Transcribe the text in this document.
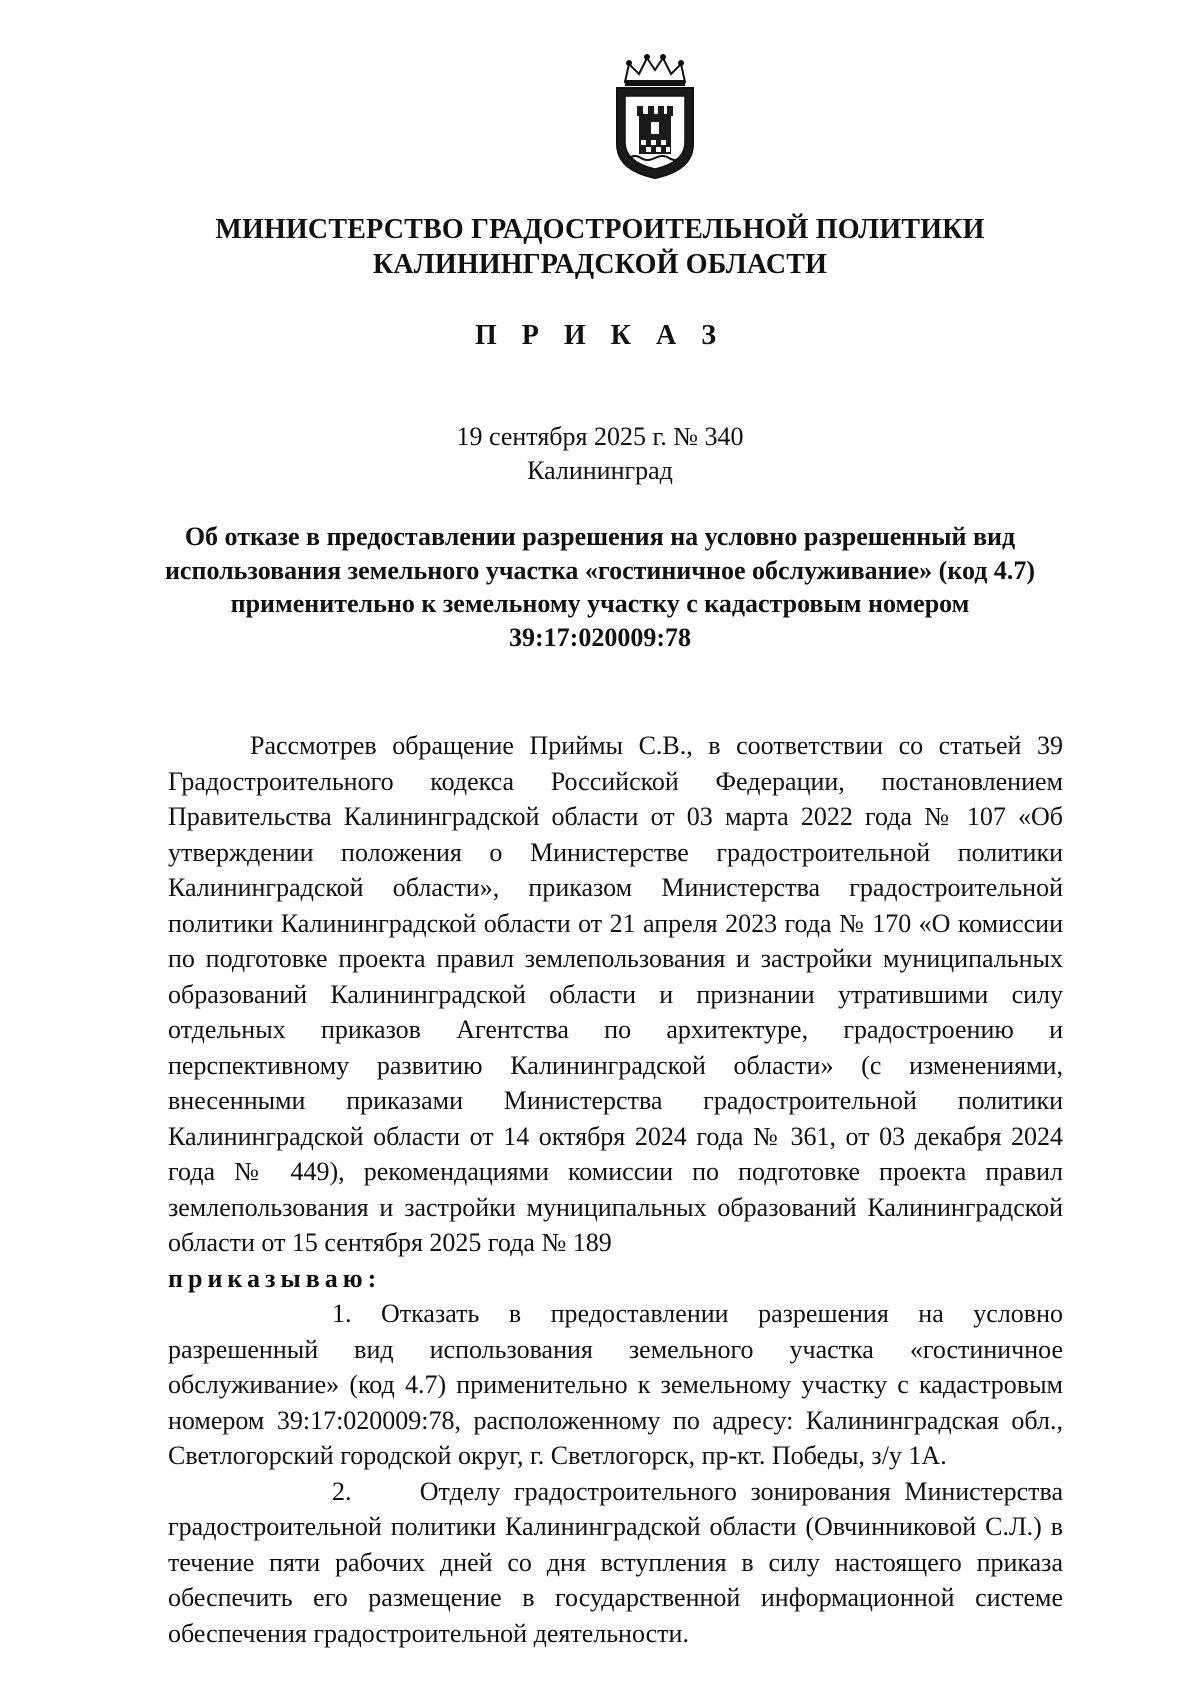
МИНИСТЕРСТВО ГРАДОСТРОИТЕЛЬНОЙ ПОЛИТИКИ
КАЛИНИНГРАДСКОЙ ОБЛАСТИ
П Р И К А З
19 сентября 2025 г. № 340
Калининград
Об отказе в предоставлении разрешения на условно разрешенный вид использования земельного участка «гостиничное обслуживание» (код 4.7) применительно к земельному участку с кадастровым номером 39:17:020009:78

Рассмотрев обращение Приймы С.В., в соответствии со статьей 39 Градостроительного кодекса Российской Федерации, постановлением Правительства Калининградской области от 03 марта 2022 года № 107 «Об утверждении положения о Министерстве градостроительной политики Калининградской области», приказом Министерства градостроительной политики Калининградской области от 21 апреля 2023 года № 170 «О комиссии по подготовке проекта правил землепользования и застройки муниципальных образований Калининградской области и признании утратившими силу отдельных приказов Агентства по архитектуре, градостроению и перспективному развитию Калининградской области» (с изменениями, внесенными приказами Министерства градостроительной политики Калининградской области от 14 октября 2024 года № 361, от 03 декабря 2024 года № 449), рекомендациями комиссии по подготовке проекта правил землепользования и застройки муниципальных образований Калининградской области от 15 сентября 2025 года № 189

приказываю:

1. Отказать в предоставлении разрешения на условно разрешенный вид использования земельного участка «гостиничное обслуживание» (код 4.7) применительно к земельному участку с кадастровым номером 39:17:020009:78, расположенному по адресу: Калининградская обл., Светлогорский городской округ, г. Светлогорск, пр-кт. Победы, з/у 1А.

2.	Отделу градостроительного зонирования Министерства градостроительной политики Калининградской области (Овчинниковой С.Л.) в течение пяти рабочих дней со дня вступления в силу настоящего приказа обеспечить его размещение в государственной информационной системе обеспечения градостроительной деятельности.
